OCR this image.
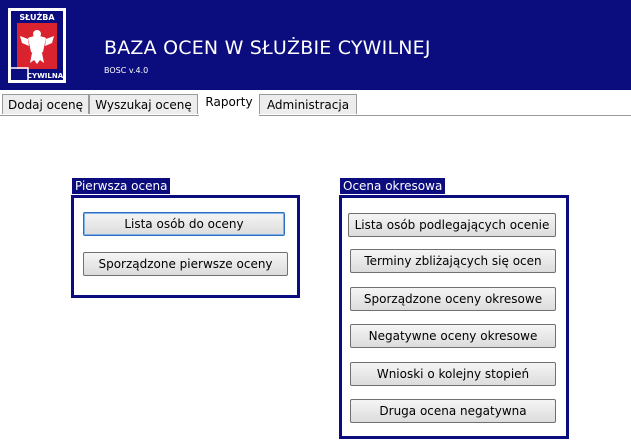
SŁUŻBA
CYWILNA
BAZA OCEN W SŁUŻBIE CYWILNEJ
BOSC v.4.0
Dodaj ocenę	Wyszukaj ocenę	Raporty	Administracja
Pierwsza ocena
Lista osób do oceny
Sporządzone pierwsze oceny
Ocena okresowa
Lista osób podlegających ocenie
Terminy zbliżających się ocen
Sporządzone oceny okresowe
Negatywne oceny okresowe
Wnioski o kolejny stopień
Druga ocena negatywna
